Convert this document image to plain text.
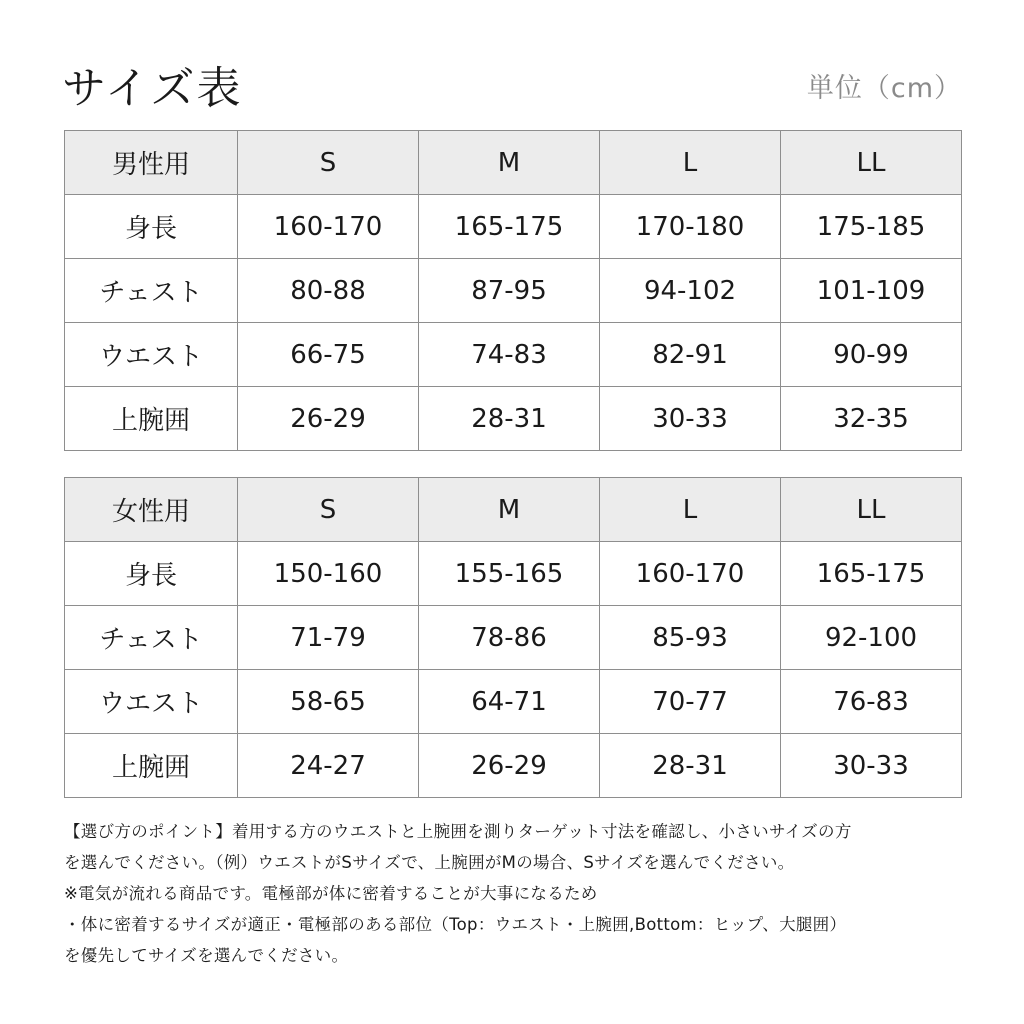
サイズ表	単位（cm）
男性用	S	M	L	LL
身長	160-170	165-175	170-180	175-185
チェスト	80-88	87-95	94-102	101-109
ウエスト	66-75	74-83	82-91	90-99
上腕囲	26-29	28-31	30-33	32-35
女性用	S	M	L	LL
身長	150-160	155-165	160-170	165-175
チェスト	71-79	78-86	85-93	92-100
ウエスト	58-65	64-71	70-77	76-83
上腕囲	24-27	26-29	28-31	30-33

【選び方のポイント】着用する方のウエストと上腕囲を測りターゲット寸法を確認し、小さいサイズの方

を選んでください。（例）ウエストがSサイズで、上腕囲がMの場合、Sサイズを選んでください。

※電気が流れる商品です。電極部が体に密着することが大事になるため

・体に密着するサイズが適正・電極部のある部位（Top：ウエスト・上腕囲,Bottom：ヒップ、大腿囲）

を優先してサイズを選んでください。
